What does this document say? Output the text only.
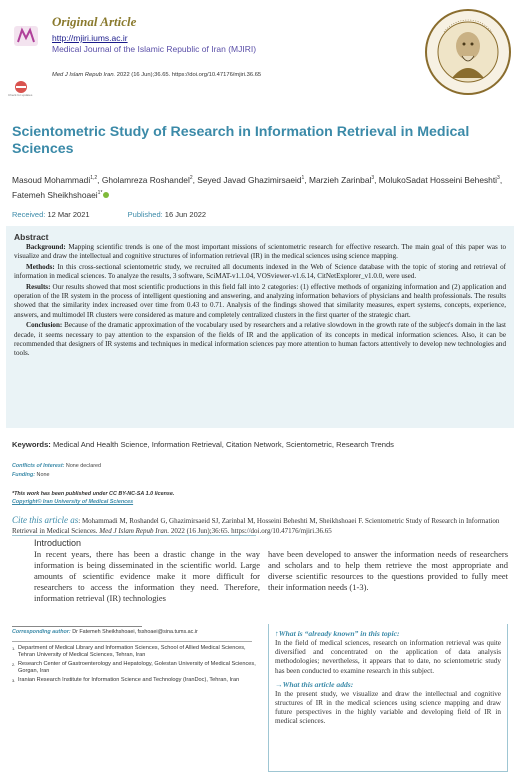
Check for updates
Original Article
http://mjiri.iums.ac.ir
Medical Journal of the Islamic Republic of Iran (MJIRI)
Med J Islam Repub Iran. 2022 (16 Jun);36.65. https://doi.org/10.47176/mjiri.36.65
Scientometric Study of Research in Information Retrieval in Medical Sciences
Masoud Mohammadi$^{1,2}$, Gholamreza Roshandel$^2$, Seyed Javad Ghazimirsaeid$^1$, Marzieh Zarinbal$^3$, MolukoSadat Hosseini Beheshti$^3$, Fatemeh Sheikhshoaei$^{1*}$
Received: 12 Mar 2021	Published: 16 Jun 2022
Abstract

Background: Mapping scientific trends is one of the most important missions of scientometric research for effective research. The main goal of this paper was to visualize and draw the intellectual and cognitive structures of information retrieval (IR) in the medical sciences using science mapping.

Methods: In this cross-sectional scientometric study, we recruited all documents indexed in the Web of Science database with the topic of storing and retrieval of information in medical sciences. To analyze the results, 3 software, SciMAT-v1.1.04, VOSviewer-v1.6.14, CitNetExplorer_v1.0.0, were used.

Results: Our results showed that most scientific productions in this field fall into 2 categories: (1) effective methods of organizing information and (2) application and operation of the IR system in the process of intelligent questioning and answering, and analyzing information behaviors of physicians and health professionals. The results showed that the similarity index increased over time from 0.43 to 0.71. Analysis of the findings showed that similarity measures, expert systems, concepts, experience, answers, and multimodel IR clusters were considered as mature and completely centralized clusters in the first quarter of the strategic chart.

Conclusion: Because of the dramatic approximation of the vocabulary used by researchers and a relative slowdown in the growth rate of the subject's domain in the last decade, it seems necessary to pay attention to the expansion of the fields of IR and the application of its concepts in medical information sciences. Also, it can be recommended that designers of IR systems and techniques in medical information sciences pay more attention to human factors attentively to develop new technologies and tools.

Keywords: Medical And Health Science, Information Retrieval, Citation Network, Scientometric, Research Trends
Conflicts of Interest: None declared
Funding: None
*This work has been published under CC BY-NC-SA 1.0 license.
Copyright© Iran University of Medical Sciences
Cite this article as: Mohammadi M, Roshandel G, Ghazimirsaeid SJ, Zarinbal M, Hosseini Beheshti M, Sheikhshoaei F. Scientometric Study of Research in Information Retrieval in Medical Sciences. Med J Islam Repub Iran. 2022 (16 Jun);36:65. https://doi.org/10.47176/mjiri.36.65
Introduction

In recent years, there has been a drastic change in the way information is being disseminated in the scientific world. Large amounts of scientific evidence make it more difficult for researchers to access the information they need. Therefore, information retrieval (IR) technologies

have been developed to answer the information needs of researchers and scholars and to help them retrieve the most appropriate and diverse scientific resources to the questions provided to fully meet their information needs (1-3).

Corresponding author: Dr Fatemeh Sheikhshoaei, fsshoaei@sina.tums.ac.ir
1. Department of Medical Library and Information Sciences, School of Allied Medical Sciences, Tehran University of Medical Sciences, Tehran, Iran
2. Research Center of Gastroenterology and Hepatology, Golestan University of Medical Sciences, Gorgan, Iran
3. Iranian Research Institute for Information Science and Technology (IranDoc), Tehran, Iran
↑What is “already known” in this topic:

In the field of medical sciences, research on information retrieval was quite diversified and concentrated on the application of data analysis methodologies; nevertheless, it appears that to date, no scientometric study has been conducted to examine research in this subject.

→What this article adds:

In the present study, we visualize and draw the intellectual and cognitive structures of IR in the medical sciences using science mapping and draw future perspectives in the highly variable and developing field of IR in medical sciences.
